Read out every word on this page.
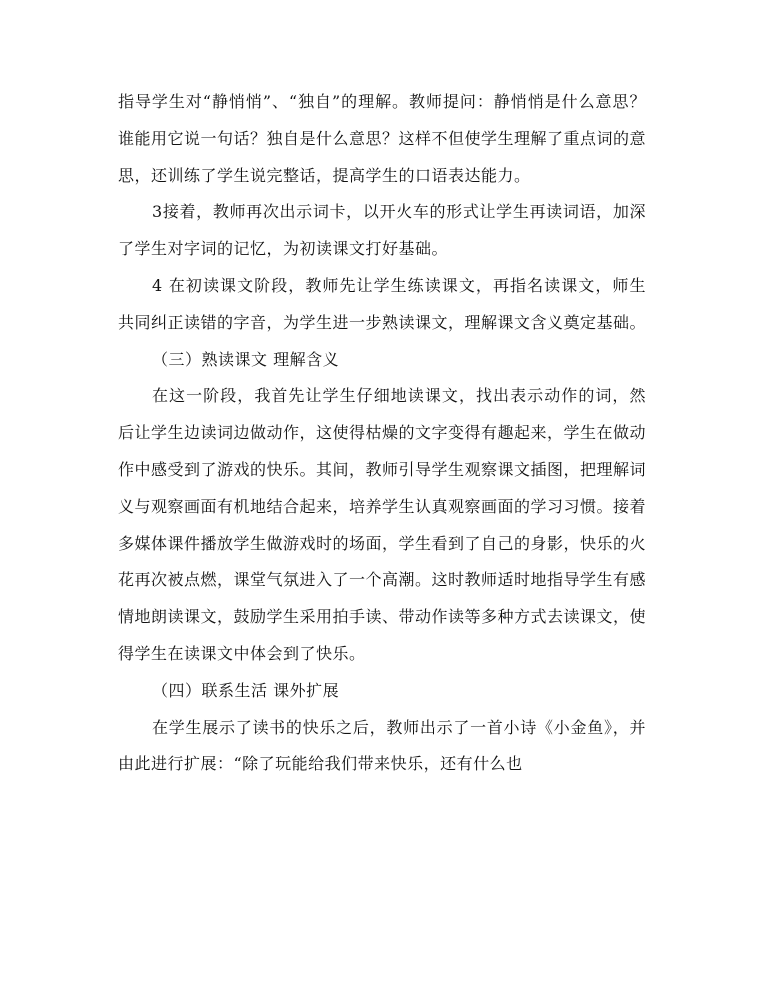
指导学生对“静悄悄”、“独自”的理解。教师提问：静悄悄是什么意思？谁能用它说一句话？独自是什么意思？这样不但使学生理解了重点词的意思，还训练了学生说完整话，提高学生的口语表达能力。

3接着，教师再次出示词卡，以开火车的形式让学生再读词语，加深了学生对字词的记忆，为初读课文打好基础。

4 在初读课文阶段，教师先让学生练读课文，再指名读课文，师生共同纠正读错的字音，为学生进一步熟读课文，理解课文含义奠定基础。

（三）熟读课文 理解含义

在这一阶段，我首先让学生仔细地读课文，找出表示动作的词，然后让学生边读词边做动作，这使得枯燥的文字变得有趣起来，学生在做动作中感受到了游戏的快乐。其间，教师引导学生观察课文插图，把理解词义与观察画面有机地结合起来，培养学生认真观察画面的学习习惯。接着多媒体课件播放学生做游戏时的场面，学生看到了自己的身影，快乐的火花再次被点燃，课堂气氛进入了一个高潮。这时教师适时地指导学生有感情地朗读课文，鼓励学生采用拍手读、带动作读等多种方式去读课文，使得学生在读课文中体会到了快乐。

（四）联系生活 课外扩展

在学生展示了读书的快乐之后，教师出示了一首小诗《小金鱼》，并由此进行扩展：“除了玩能给我们带来快乐，还有什么也
